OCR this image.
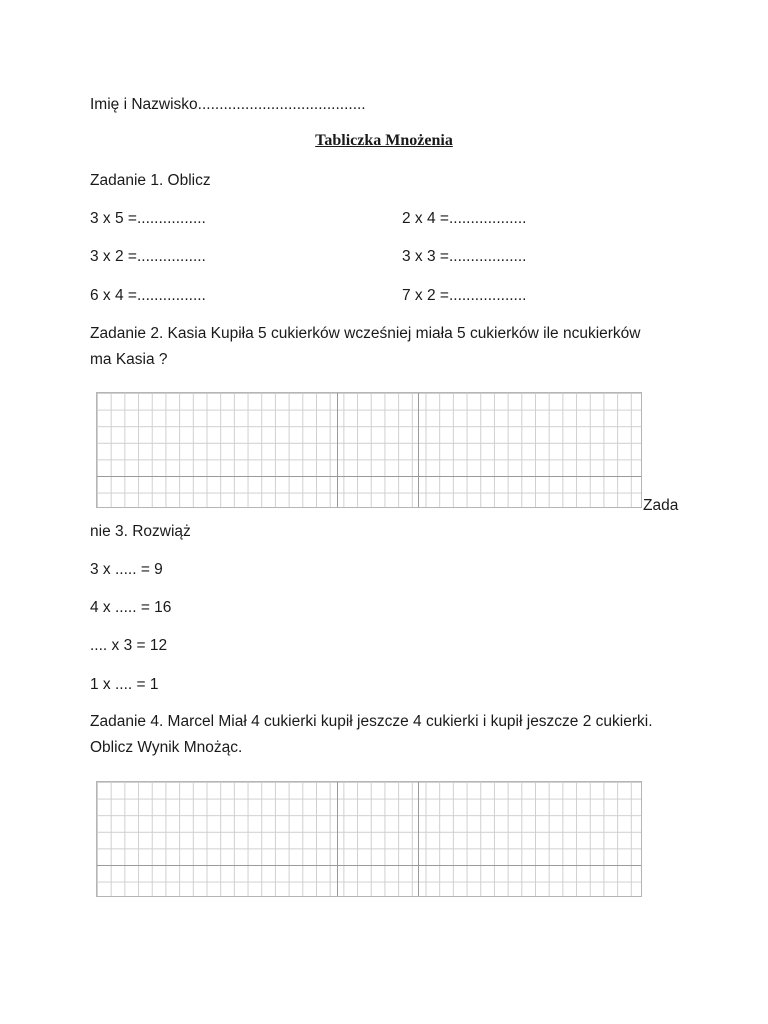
Imię i Nazwisko.......................................
Tabliczka Mnożenia
Zadanie 1. Oblicz
3 x 5 =................	2 x 4 =..................
3 x 2 =................	3 x 3 =..................
6 x 4 =................	7 x 2 =..................
Zadanie 2. Kasia Kupiła 5 cukierków wcześniej miała 5 cukierków ile ncukierków
ma Kasia ?
Zada
nie 3. Rozwiąż
3 x ..... = 9
4 x ..... = 16
.... x 3 = 12
1 x .... = 1
Zadanie 4. Marcel Miał 4 cukierki kupił jeszcze 4 cukierki i kupił jeszcze 2 cukierki.
Oblicz Wynik Mnożąc.
